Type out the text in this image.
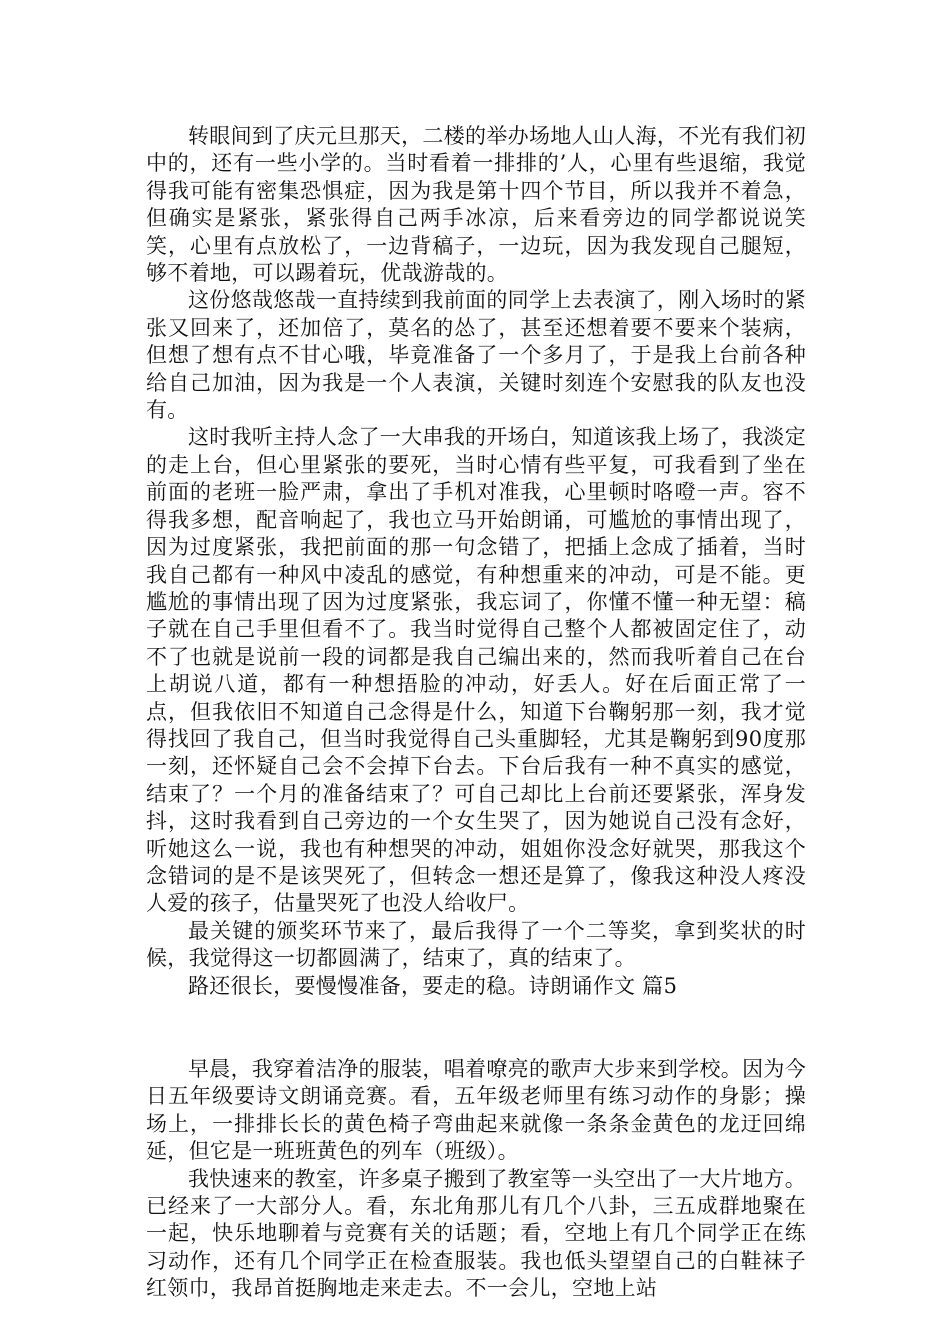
转眼间到了庆元旦那天，二楼的举办场地人山人海，不光有我们初中的，还有一些小学的。当时看着一排排的’人，心里有些退缩，我觉得我可能有密集恐惧症，因为我是第十四个节目，所以我并不着急，但确实是紧张，紧张得自己两手冰凉，后来看旁边的同学都说说笑笑，心里有点放松了，一边背稿子，一边玩，因为我发现自己腿短，够不着地，可以踢着玩，优哉游哉的。

这份悠哉悠哉一直持续到我前面的同学上去表演了，刚入场时的紧张又回来了，还加倍了，莫名的怂了，甚至还想着要不要来个装病，但想了想有点不甘心哦，毕竟准备了一个多月了，于是我上台前各种给自己加油，因为我是一个人表演，关键时刻连个安慰我的队友也没有。

这时我听主持人念了一大串我的开场白，知道该我上场了，我淡定的走上台，但心里紧张的要死，当时心情有些平复，可我看到了坐在前面的老班一脸严肃，拿出了手机对准我，心里顿时咯噔一声。容不得我多想，配音响起了，我也立马开始朗诵，可尴尬的事情出现了，因为过度紧张，我把前面的那一句念错了，把插上念成了插着，当时我自己都有一种风中凌乱的感觉，有种想重来的冲动，可是不能。更尴尬的事情出现了因为过度紧张，我忘词了，你懂不懂一种无望：稿子就在自己手里但看不了。我当时觉得自己整个人都被固定住了，动不了也就是说前一段的词都是我自己编出来的，然而我听着自己在台上胡说八道，都有一种想捂脸的冲动，好丢人。好在后面正常了一点，但我依旧不知道自己念得是什么，知道下台鞠躬那一刻，我才觉得找回了我自己，但当时我觉得自己头重脚轻，尤其是鞠躬到90度那一刻，还怀疑自己会不会掉下台去。下台后我有一种不真实的感觉，结束了？一个月的准备结束了？可自己却比上台前还要紧张，浑身发抖，这时我看到自己旁边的一个女生哭了，因为她说自己没有念好，听她这么一说，我也有种想哭的冲动，姐姐你没念好就哭，那我这个念错词的是不是该哭死了，但转念一想还是算了，像我这种没人疼没人爱的孩子，估量哭死了也没人给收尸。

最关键的颁奖环节来了，最后我得了一个二等奖，拿到奖状的时候，我觉得这一切都圆满了，结束了，真的结束了。

路还很长，要慢慢准备，要走的稳。诗朗诵作文 篇5

早晨，我穿着洁净的服装，唱着嘹亮的歌声大步来到学校。因为今日五年级要诗文朗诵竞赛。看，五年级老师里有练习动作的身影；操场上，一排排长长的黄色椅子弯曲起来就像一条条金黄色的龙迂回绵延，但它是一班班黄色的列车（班级）。

我快速来的教室，许多桌子搬到了教室等一头空出了一大片地方。已经来了一大部分人。看，东北角那儿有几个八卦，三五成群地聚在一起，快乐地聊着与竞赛有关的话题；看，空地上有几个同学正在练习动作，还有几个同学正在检查服装。我也低头望望自己的白鞋袜子红领巾，我昂首挺胸地走来走去。不一会儿，空地上站
